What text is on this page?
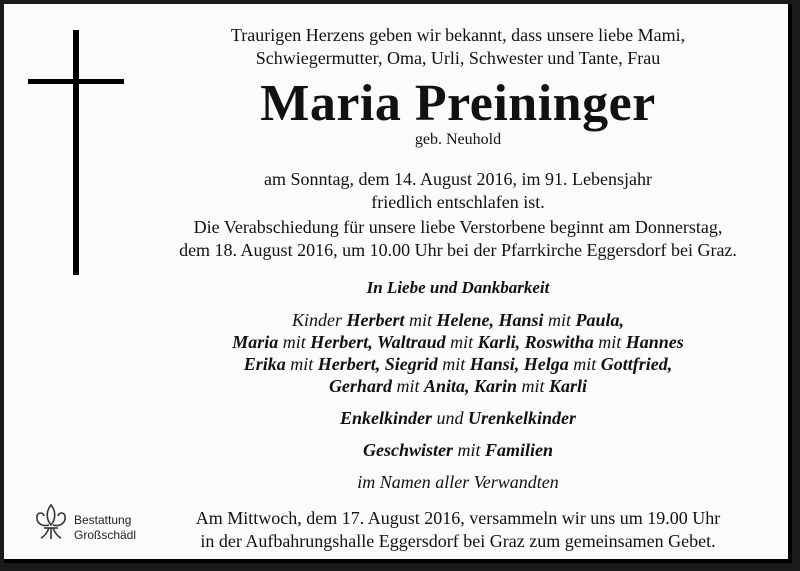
Traurigen Herzens geben wir bekannt, dass unsere liebe Mami,
Schwiegermutter, Oma, Urli, Schwester und Tante, Frau
Maria Preininger
geb. Neuhold
am Sonntag, dem 14. August 2016, im 91. Lebensjahr
friedlich entschlafen ist.
Die Verabschiedung für unsere liebe Verstorbene beginnt am Donnerstag,
dem 18. August 2016, um 10.00 Uhr bei der Pfarrkirche Eggersdorf bei Graz.
In Liebe und Dankbarkeit
Kinder Herbert mit Helene, Hansi mit Paula,
Maria mit Herbert, Waltraud mit Karli, Roswitha mit Hannes
Erika mit Herbert, Siegrid mit Hansi, Helga mit Gottfried,
Gerhard mit Anita, Karin mit Karli
Enkelkinder und Urenkelkinder
Geschwister mit Familien
im Namen aller Verwandten
Am Mittwoch, dem 17. August 2016, versammeln wir uns um 19.00 Uhr
in der Aufbahrungshalle Eggersdorf bei Graz zum gemeinsamen Gebet.
Bestattung
Großschädl
